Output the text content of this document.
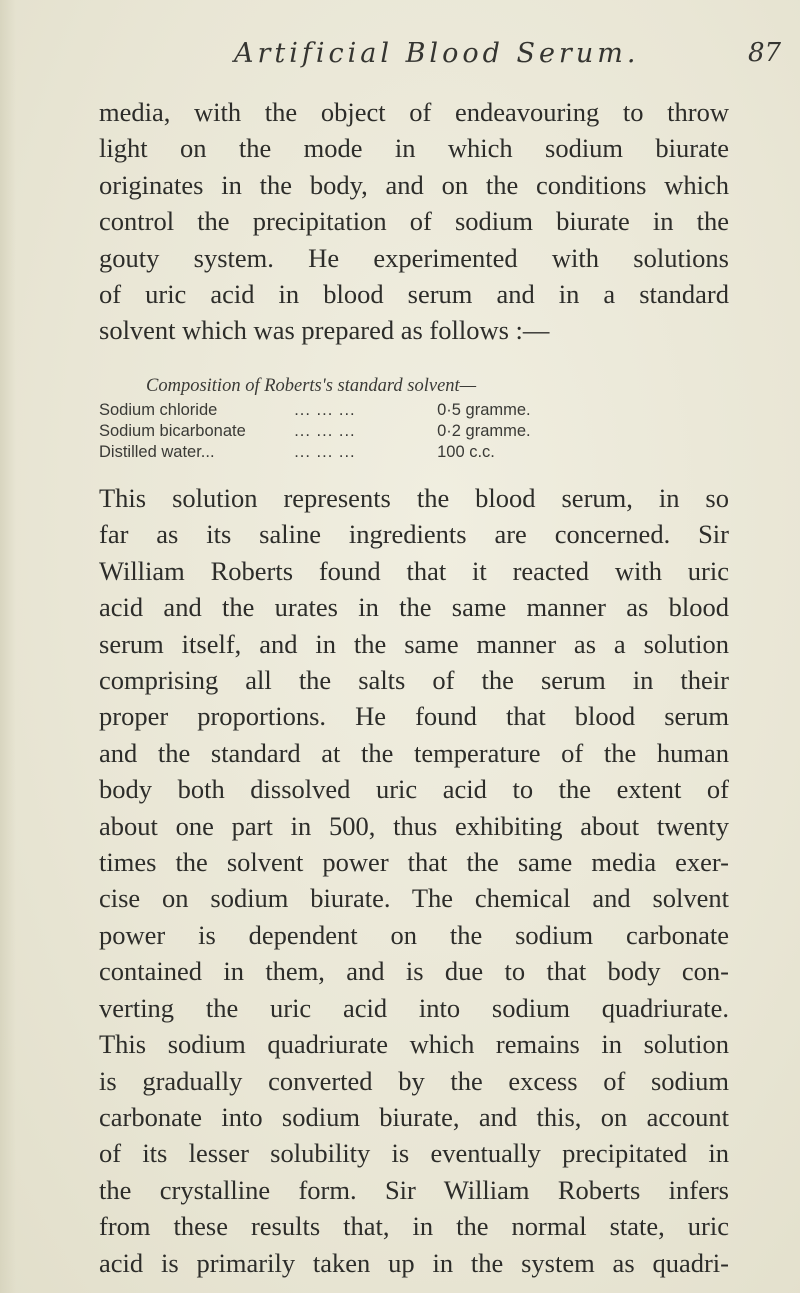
Artificial Blood Serum.	87
media, with the object of endeavouring to throw
light on the mode in which sodium biurate
originates in the body, and on the conditions which
control the precipitation of sodium biurate in the
gouty system. He experimented with solutions
of uric acid in blood serum and in a standard
solvent which was prepared as follows :—
Composition of Roberts's standard solvent—
Sodium chloride	... ... ...	0·5 gramme.
Sodium bicarbonate	... ... ...	0·2 gramme.
Distilled water...	... ... ...	100 c.c.
This solution represents the blood serum, in so
far as its saline ingredients are concerned. Sir
William Roberts found that it reacted with uric
acid and the urates in the same manner as blood
serum itself, and in the same manner as a solution
comprising all the salts of the serum in their
proper proportions. He found that blood serum
and the standard at the temperature of the human
body both dissolved uric acid to the extent of
about one part in 500, thus exhibiting about twenty
times the solvent power that the same media exer-
cise on sodium biurate. The chemical and solvent
power is dependent on the sodium carbonate
contained in them, and is due to that body con-
verting the uric acid into sodium quadriurate.
This sodium quadriurate which remains in solution
is gradually converted by the excess of sodium
carbonate into sodium biurate, and this, on account
of its lesser solubility is eventually precipitated in
the crystalline form. Sir William Roberts infers
from these results that, in the normal state, uric
acid is primarily taken up in the system as quadri-
